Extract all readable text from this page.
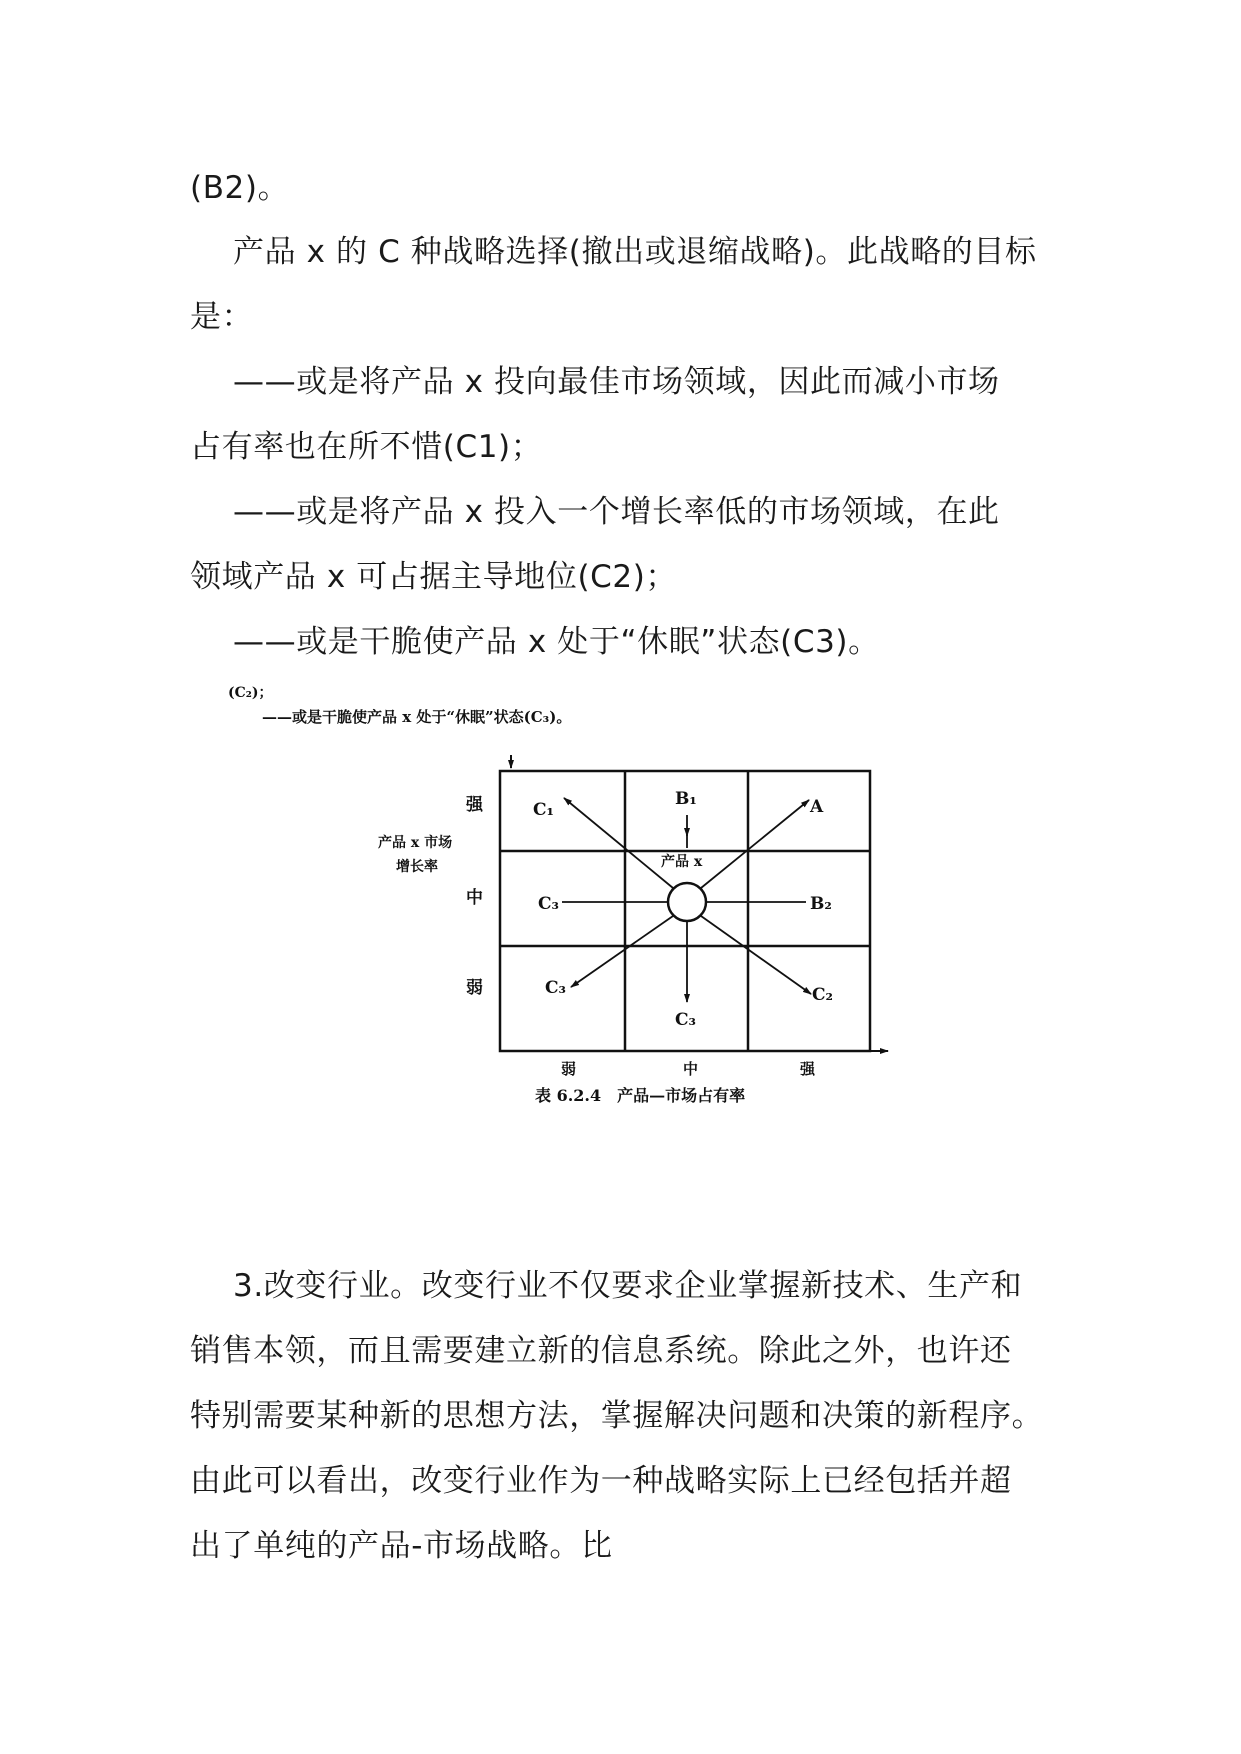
(B2)。
产品 x 的 C 种战略选择(撤出或退缩战略)。此战略的目标
是：
——或是将产品 x 投向最佳市场领域，因此而减小市场
占有率也在所不惜(C1)；
——或是将产品 x 投入一个增长率低的市场领域，在此
领域产品 x 可占据主导地位(C2)；
——或是干脆使产品 x 处于“休眠”状态(C3)。
(C₂)；
——或是干脆使产品 x 处于“休眠”状态(C₃)。
产品 x 市场
增长率
强
中
弱
弱	中	强
产品 x
C₁
B₁	A
C₃	B₂
C₃
C₃
C₂
表 6.2.4　产品—市场占有率
3.改变行业。改变行业不仅要求企业掌握新技术、生产和
销售本领，而且需要建立新的信息系统。除此之外，也许还
特别需要某种新的思想方法，掌握解决问题和决策的新程序。
由此可以看出，改变行业作为一种战略实际上已经包括并超
出了单纯的产品-市场战略。比
